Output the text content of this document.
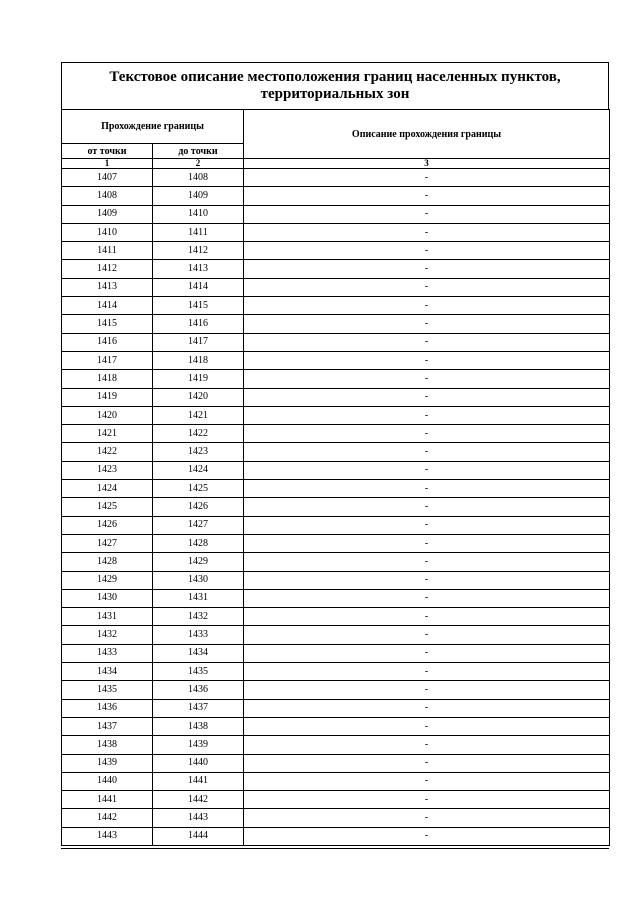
Текстовое описание местоположения границ населенных пунктов,
территориальных зон
Прохождение границы		Описание прохождения границы
от точки	до точки	
1	2	3
1407	1408	-
1408	1409	-
1409	1410	-
1410	1411	-
1411	1412	-
1412	1413	-
1413	1414	-
1414	1415	-
1415	1416	-
1416	1417	-
1417	1418	-
1418	1419	-
1419	1420	-
1420	1421	-
1421	1422	-
1422	1423	-
1423	1424	-
1424	1425	-
1425	1426	-
1426	1427	-
1427	1428	-
1428	1429	-
1429	1430	-
1430	1431	-
1431	1432	-
1432	1433	-
1433	1434	-
1434	1435	-
1435	1436	-
1436	1437	-
1437	1438	-
1438	1439	-
1439	1440	-
1440	1441	-
1441	1442	-
1442	1443	-
1443	1444	-
